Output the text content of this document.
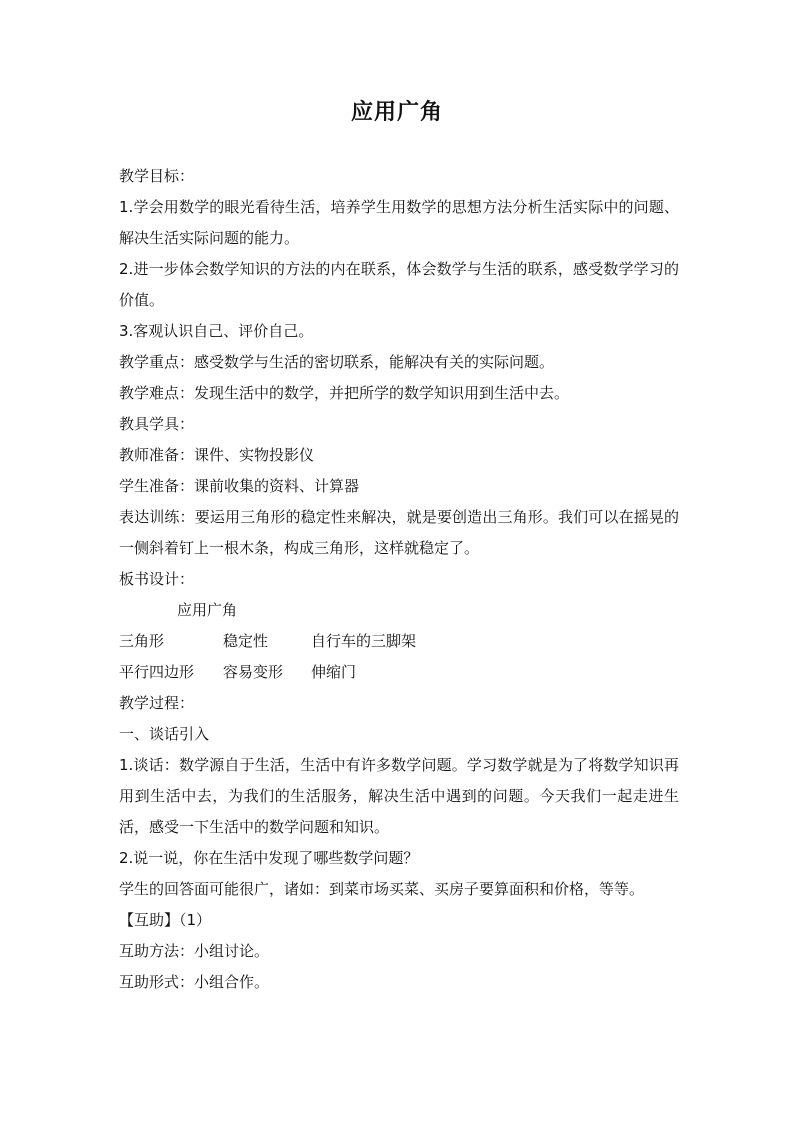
应用广角

教学目标：

1.学会用数学的眼光看待生活，培养学生用数学的思想方法分析生活实际中的问题、解决生活实际问题的能力。

2.进一步体会数学知识的方法的内在联系，体会数学与生活的联系，感受数学学习的价值。

3.客观认识自己、评价自己。

教学重点：感受数学与生活的密切联系，能解决有关的实际问题。

教学难点：发现生活中的数学，并把所学的数学知识用到生活中去。

教具学具：

教师准备：课件、实物投影仪

学生准备：课前收集的资料、计算器

表达训练：要运用三角形的稳定性来解决，就是要创造出三角形。我们可以在摇晃的一侧斜着钉上一根木条，构成三角形，这样就稳定了。

板书设计：

应用广角

三角形	稳定性	自行车的三脚架

平行四边形 容易变形 伸缩门

教学过程：

一、谈话引入

1.谈话：数学源自于生活，生活中有许多数学问题。学习数学就是为了将数学知识再用到生活中去，为我们的生活服务，解决生活中遇到的问题。今天我们一起走进生活，感受一下生活中的数学问题和知识。

2.说一说，你在生活中发现了哪些数学问题？

学生的回答面可能很广，诸如：到菜市场买菜、买房子要算面积和价格，等等。

【互助】（1）

互助方法：小组讨论。

互助形式：小组合作。
